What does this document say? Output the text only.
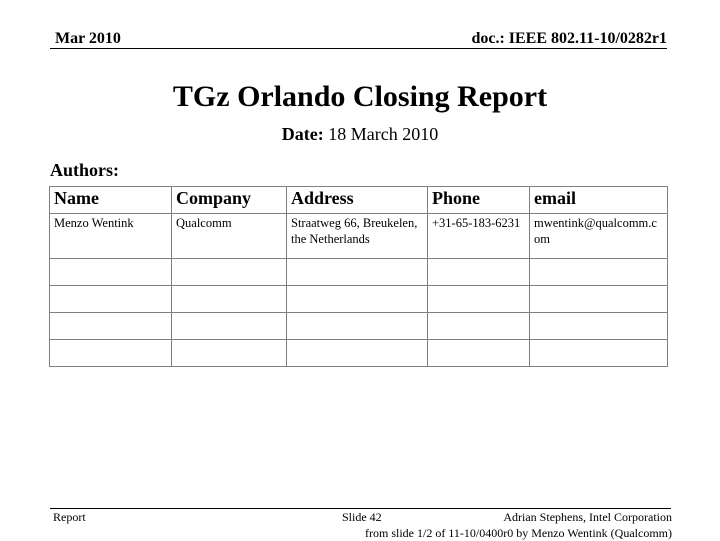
Mar 2010	doc.: IEEE 802.11-10/0282r1
TGz Orlando Closing Report
Date: 18 March 2010
Authors:
Name	Company	Address	Phone	email
Menzo Wentink	Qualcomm	Straatweg 66, Breukelen, the Netherlands	+31-65-183-6231	mwentink@qualcomm.com

Report	Slide 42	Adrian Stephens, Intel Corporation
from slide 1/2 of 11-10/0400r0 by Menzo Wentink (Qualcomm)
